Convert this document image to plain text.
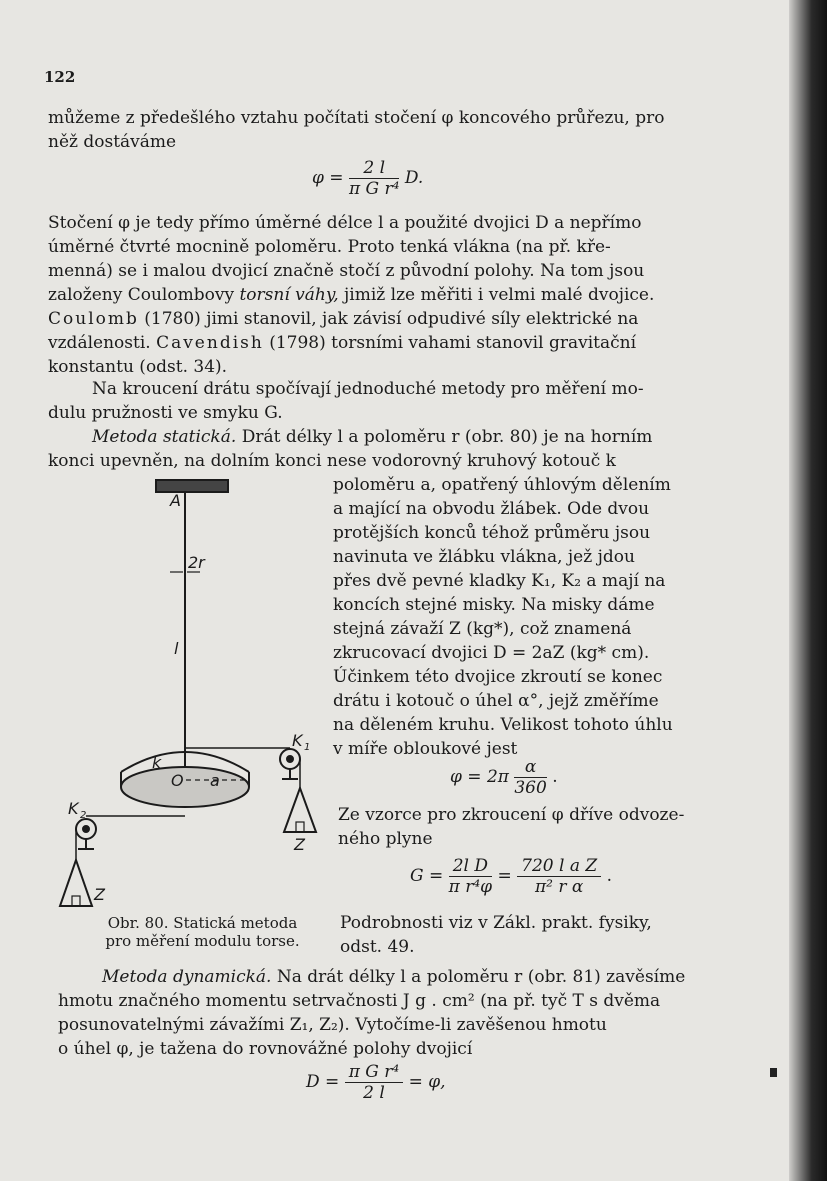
122
můžeme z předešlého vztahu počítati stočení φ koncového průřezu, pro
něž dostáváme
$\varphi = \frac{2 l}{\text{π G r⁴}} D$.
Stočení φ je tedy přímo úměrné délce l a použité dvojici D a nepřímo
úměrné čtvrté mocnině poloměru. Proto tenká vlákna (na př. kře-
menná) se i malou dvojicí značně stočí z původní polohy. Na tom jsou
založeny Coulombovy torsní váhy, jimiž lze měřiti i velmi malé dvojice.
Coulomb (1780) jimi stanovil, jak závisí odpudivé síly elektrické na
vzdálenosti. Cavendish (1798) torsními vahami stanovil gravitační
konstantu (odst. 34).
Na kroucení drátu spočívají jednoduché metody pro měření mo-
dulu pružnosti ve smyku G.
Metoda statická. Drát délky l a poloměru r (obr. 80) je na horním
konci upevněn, na dolním konci nese vodorovný kruhový kotouč k
poloměru a, opatřený úhlovým dělením
a mající na obvodu žlábek. Ode dvou
protějších konců téhož průměru jsou
navinuta ve žlábku vlákna, jež jdou
přes dvě pevné kladky K₁, K₂ a mají na
koncích stejné misky. Na misky dáme
stejná závaží Z (kg*), což znamená
zkrucovací dvojici D = 2aZ (kg* cm).
Účinkem této dvojice zkroutí se konec
drátu i kotouč o úhel α°, jejž změříme
na děleném kruhu. Velikost tohoto úhlu
v míře obloukové jest
$\varphi = 2\pi \frac{\alpha}{360}$ .
Ze vzorce pro zkroucení φ dříve odvoze-
ného plyne
$G = \frac{\text{2l D}}{\text{π r⁴φ}} = \frac{\text{720 l a Z}}{\text{π² r α}}$ .
Podrobnosti viz v Zákl. prakt. fysiky,
odst. 49.
Obr. 80. Statická metoda
pro měření modulu torse.
Metoda dynamická. Na drát délky l a poloměru r (obr. 81) zavěsíme
hmotu značného momentu setrvačnosti J g . cm² (na př. tyč T s dvěma
posunovatelnými závažími Z₁, Z₂). Vytočíme-li zavěšenou hmotu
o úhel φ, je tažena do rovnovážné polohy dvojicí
$D = \frac{\text{π G r⁴}}{2 l} = \varphi$,
A
2r
l
k
O a
K 1
K 2
Z
Z
